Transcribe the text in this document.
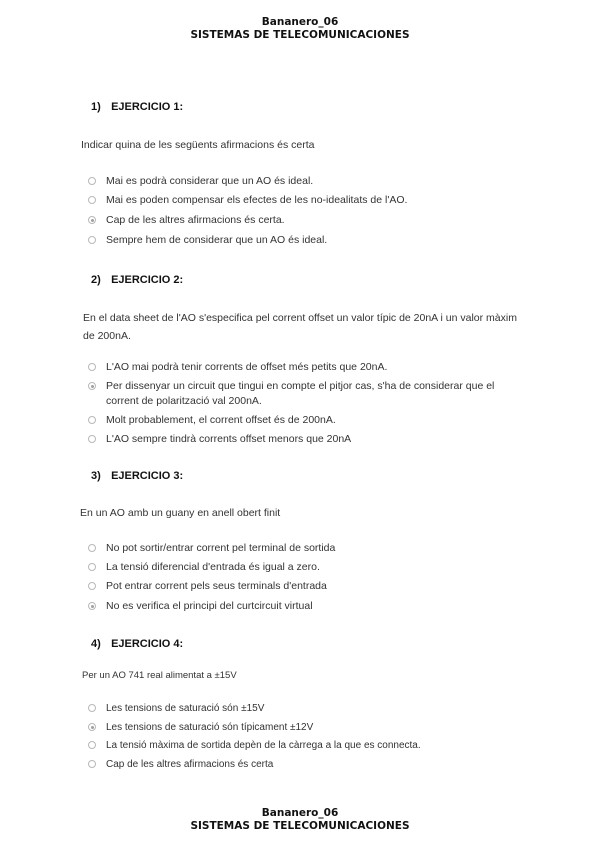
Bananero_06
SISTEMAS DE TELECOMUNICACIONES
1) EJERCICIO 1:
Indicar quina de les següents afirmacions és certa
Mai es podrà considerar que un AO és ideal.
Mai es poden compensar els efectes de les no-idealitats de l'AO.
Cap de les altres afirmacions és certa.
Sempre hem de considerar que un AO és ideal.
2) EJERCICIO 2:
En el data sheet de l'AO s'especifica pel corrent offset un valor típic de 20nA i un valor màxim de 200nA.
L'AO mai podrà tenir corrents de offset més petits que 20nA.
Per dissenyar un circuit que tingui en compte el pitjor cas, s'ha de considerar que el corrent de polarització val 200nA.
Molt probablement, el corrent offset és de 200nA.
L'AO sempre tindrà corrents offset menors que 20nA
3) EJERCICIO 3:
En un AO amb un guany en anell obert finit
No pot sortir/entrar corrent pel terminal de sortida
La tensió diferencial d'entrada és igual a zero.
Pot entrar corrent pels seus terminals d'entrada
No es verifica el principi del curtcircuit virtual
4) EJERCICIO 4:
Per un AO 741 real alimentat a ±15V
Les tensions de saturació són ±15V
Les tensions de saturació són típicament ±12V
La tensió màxima de sortida depèn de la càrrega a la que es connecta.
Cap de les altres afirmacions és certa
Bananero_06
SISTEMAS DE TELECOMUNICACIONES
